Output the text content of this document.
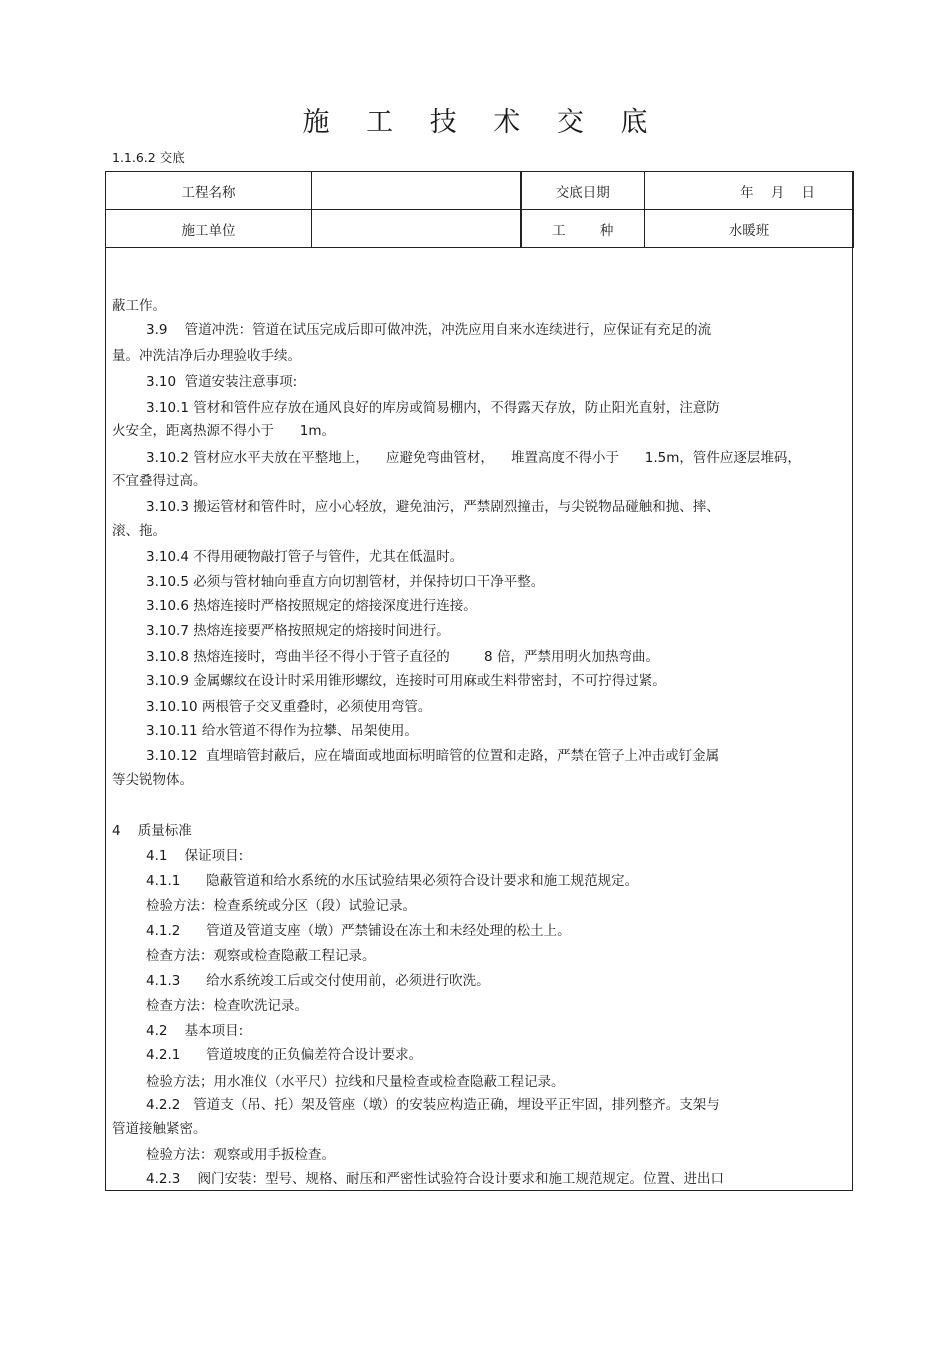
施 工 技 术 交 底
1.1.6.2 交底
工程名称		交底日期	年    月    日
施工单位		工        种	水暖班
蔽工作。
3.9    管道冲洗：管道在试压完成后即可做冲洗，冲洗应用自来水连续进行，应保证有充足的流
量。冲洗洁净后办理验收手续。
3.10  管道安装注意事项:
3.10.1 管材和管件应存放在通风良好的库房或简易棚内，不得露天存放，防止阳光直射，注意防
火安全，距离热源不得小于      1m。
3.10.2 管材应水平夫放在平整地上，    应避免弯曲管材，    堆置高度不得小于      1.5m，管件应逐层堆码，
不宜叠得过高。
3.10.3 搬运管材和管件时，应小心轻放，避免油污，严禁剧烈撞击，与尖锐物品碰触和抛、摔、
滚、拖。
3.10.4 不得用硬物敲打管子与管件，尤其在低温时。
3.10.5 必须与管材轴向垂直方向切割管材，并保持切口干净平整。
3.10.6 热熔连接时严格按照规定的熔接深度进行连接。
3.10.7 热熔连接要严格按照规定的熔接时间进行。
3.10.8 热熔连接时，弯曲半径不得小于管子直径的        8 倍，严禁用明火加热弯曲。
3.10.9 金属螺纹在设计时采用锥形螺纹，连接时可用麻或生料带密封，不可拧得过紧。
3.10.10 两根管子交叉重叠时，必须使用弯管。
3.10.11 给水管道不得作为拉攀、吊架使用。
3.10.12  直埋暗管封蔽后，应在墙面或地面标明暗管的位置和走路，严禁在管子上冲击或钉金属
等尖锐物体。
4    质量标准
4.1    保证项目:
4.1.1      隐蔽管道和给水系统的水压试验结果必须符合设计要求和施工规范规定。
检验方法：检查系统或分区（段）试验记录。
4.1.2      管道及管道支座（墩）严禁铺设在冻土和未经处理的松土上。
检查方法：观察或检查隐蔽工程记录。
4.1.3      给水系统竣工后或交付使用前，必须进行吹洗。
检查方法：检查吹洗记录。
4.2    基本项目:
4.2.1      管道坡度的正负偏差符合设计要求。
检验方法；用水准仪（水平尺）拉线和尺量检查或检查隐蔽工程记录。
4.2.2   管道支（吊、托）架及管座（墩）的安装应构造正确，埋设平正牢固，排列整齐。支架与
管道接触紧密。
检验方法：观察或用手扳检查。
4.2.3    阀门安装：型号、规格、耐压和严密性试验符合设计要求和施工规范规定。位置、进出口
